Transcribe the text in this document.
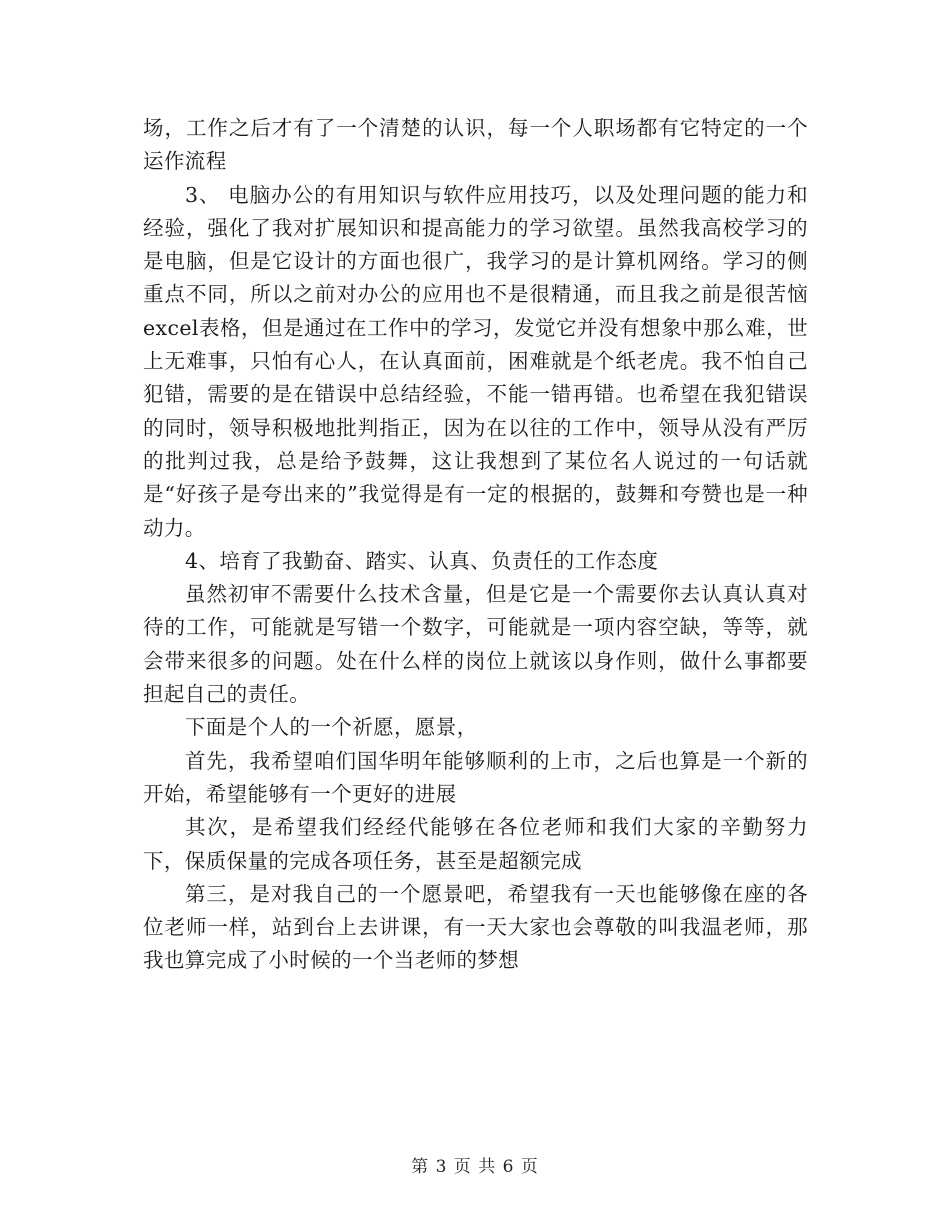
场，工作之后才有了一个清楚的认识，每一个人职场都有它特定的一个运作流程

3、 电脑办公的有用知识与软件应用技巧，以及处理问题的能力和经验，强化了我对扩展知识和提高能力的学习欲望。虽然我高校学习的是电脑，但是它设计的方面也很广，我学习的是计算机网络。学习的侧重点不同，所以之前对办公的应用也不是很精通，而且我之前是很苦恼excel表格，但是通过在工作中的学习，发觉它并没有想象中那么难，世上无难事，只怕有心人，在认真面前，困难就是个纸老虎。我不怕自己犯错，需要的是在错误中总结经验，不能一错再错。也希望在我犯错误的同时，领导积极地批判指正，因为在以往的工作中，领导从没有严厉的批判过我，总是给予鼓舞，这让我想到了某位名人说过的一句话就是“好孩子是夸出来的”我觉得是有一定的根据的，鼓舞和夸赞也是一种动力。

4、培育了我勤奋、踏实、认真、负责任的工作态度

虽然初审不需要什么技术含量，但是它是一个需要你去认真认真对待的工作，可能就是写错一个数字，可能就是一项内容空缺，等等，就会带来很多的问题。处在什么样的岗位上就该以身作则，做什么事都要担起自己的责任。

下面是个人的一个祈愿，愿景，

首先，我希望咱们国华明年能够顺利的上市，之后也算是一个新的开始，希望能够有一个更好的进展

其次，是希望我们经经代能够在各位老师和我们大家的辛勤努力下，保质保量的完成各项任务，甚至是超额完成

第三，是对我自己的一个愿景吧，希望我有一天也能够像在座的各位老师一样，站到台上去讲课，有一天大家也会尊敬的叫我温老师，那我也算完成了小时候的一个当老师的梦想

第 3 页 共 6 页
